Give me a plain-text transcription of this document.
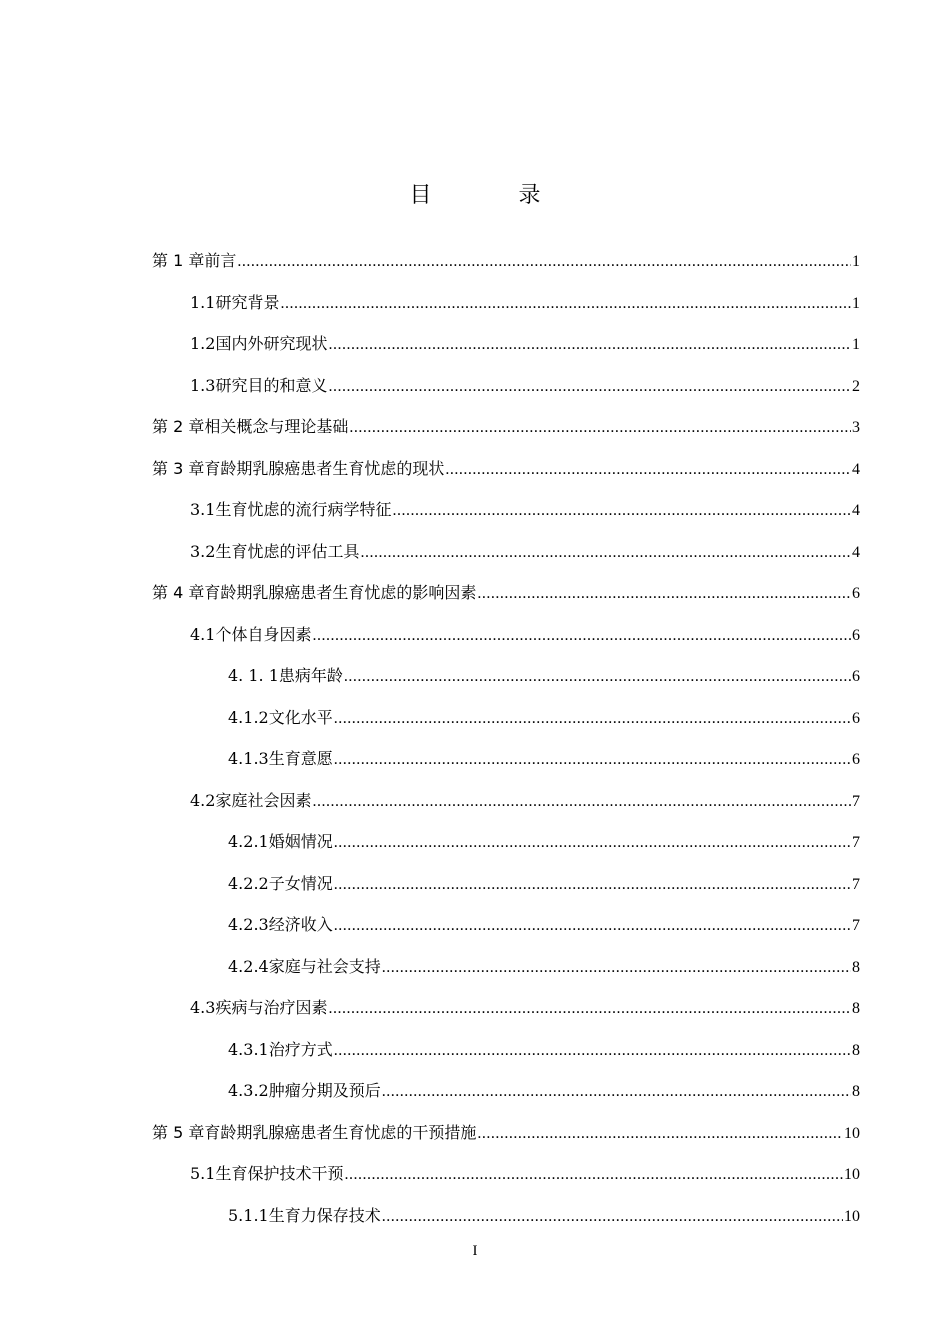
目 录
第 1 章 前言 .....	1
1.1 研究背景 .....	1
1.2 国内外研究现状 .....	1
1.3 研究目的和意义 .....	2
第 2 章 相关概念与理论基础 .....	3
第 3 章 育龄期乳腺癌患者生育忧虑的现状 .....	4
3.1 生育忧虑的流行病学特征 .....	4
3.2 生育忧虑的评估工具 .....	4
第 4 章 育龄期乳腺癌患者生育忧虑的影响因素 .....	6
4.1 个体自身因素 .....	6
4. 1. 1 患病年龄 .....	6
4.1.2 文化水平 .....	6
4.1.3 生育意愿 .....	6
4.2 家庭社会因素 .....	7
4.2.1 婚姻情况 .....	7
4.2.2 子女情况 .....	7
4.2.3 经济收入 .....	7
4.2.4 家庭与社会支持 .....	8
4.3 疾病与治疗因素 .....	8
4.3.1 治疗方式 .....	8
4.3.2 肿瘤分期及预后 .....	8
第 5 章 育龄期乳腺癌患者生育忧虑的干预措施 .....	10
5.1 生育保护技术干预 .....	10
5.1.1 生育力保存技术 .....	10
I
